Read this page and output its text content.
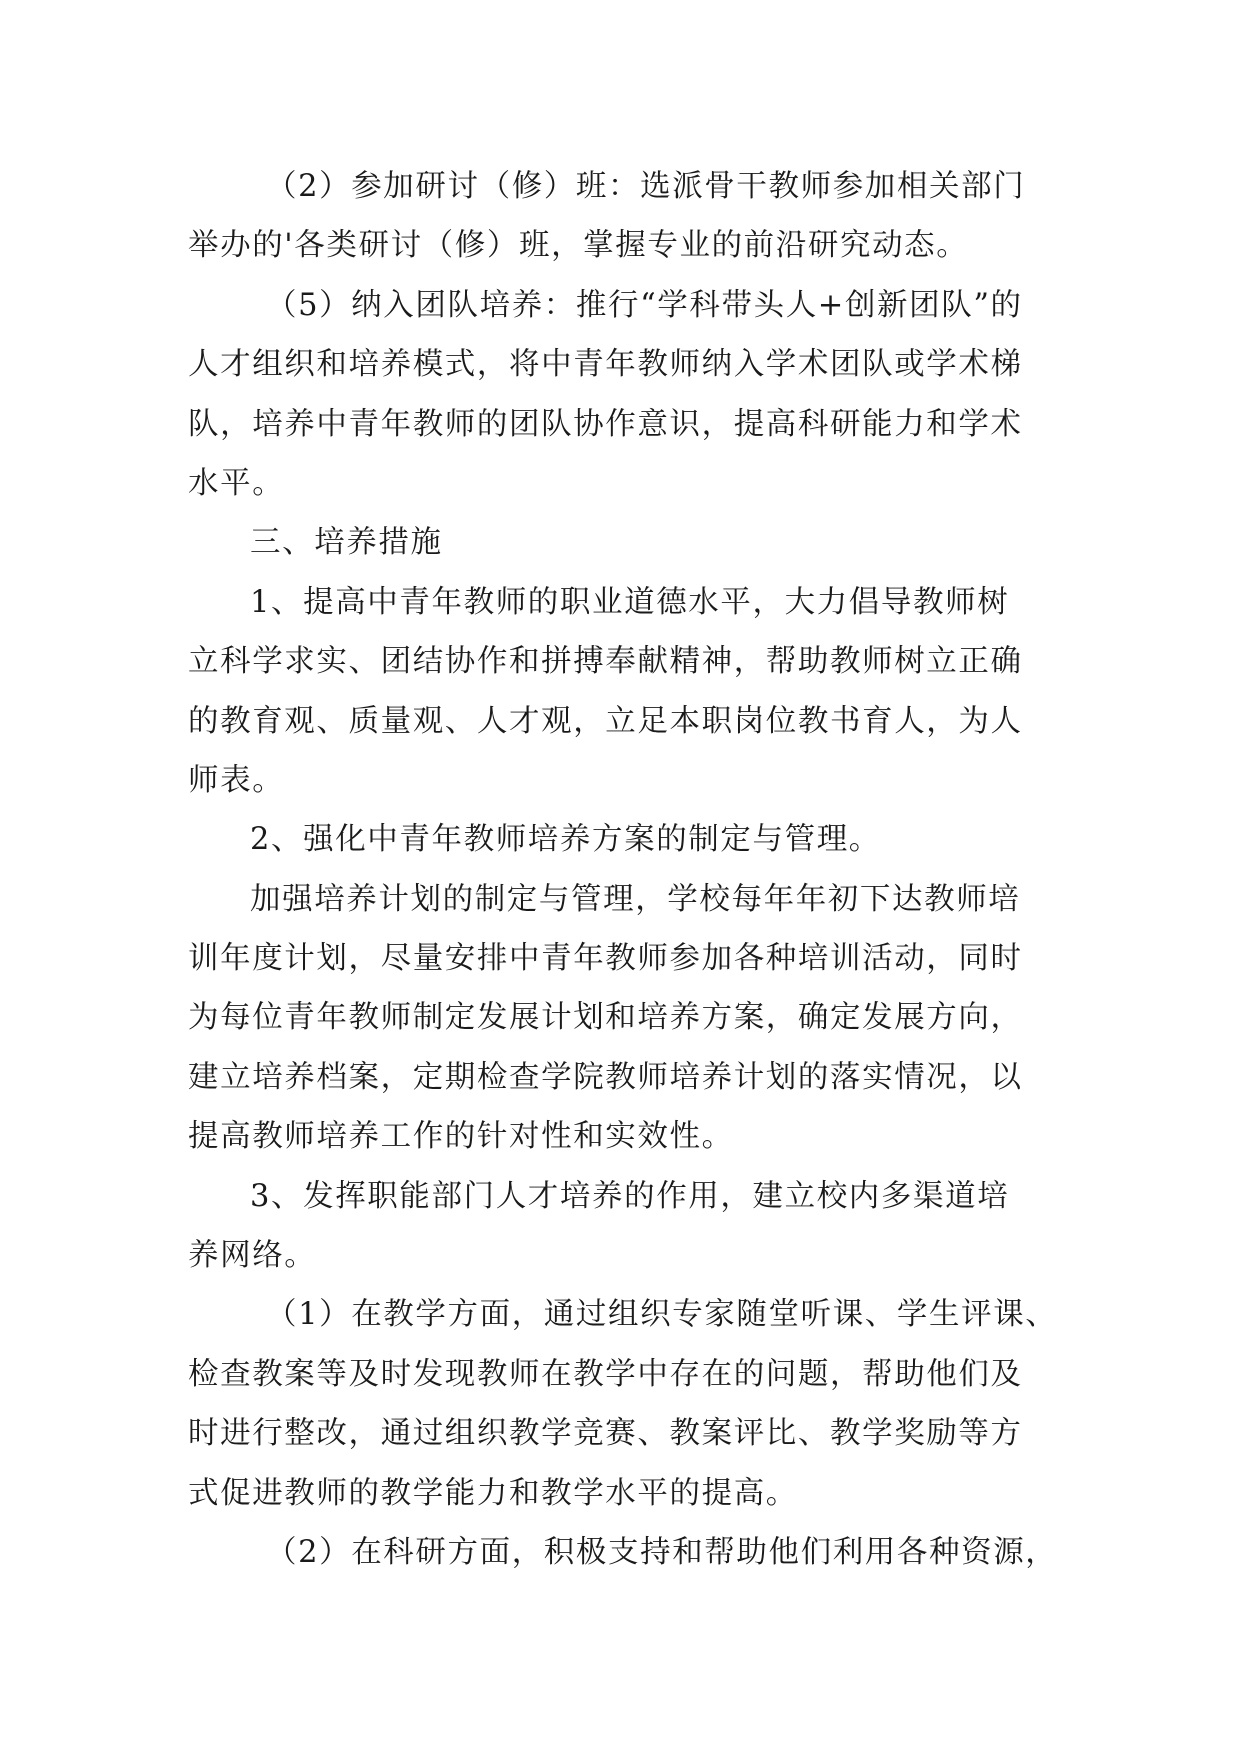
（2）参加研讨（修）班：选派骨干教师参加相关部门
举办的'各类研讨（修）班，掌握专业的前沿研究动态。
（5）纳入团队培养：推行“学科带头人+创新团队”的
人才组织和培养模式，将中青年教师纳入学术团队或学术梯
队，培养中青年教师的团队协作意识，提高科研能力和学术
水平。
三、培养措施
1、提高中青年教师的职业道德水平，大力倡导教师树
立科学求实、团结协作和拼搏奉献精神，帮助教师树立正确
的教育观、质量观、人才观，立足本职岗位教书育人，为人
师表。
2、强化中青年教师培养方案的制定与管理。
加强培养计划的制定与管理，学校每年年初下达教师培
训年度计划，尽量安排中青年教师参加各种培训活动，同时
为每位青年教师制定发展计划和培养方案，确定发展方向，
建立培养档案，定期检查学院教师培养计划的落实情况，以
提高教师培养工作的针对性和实效性。
3、发挥职能部门人才培养的作用，建立校内多渠道培
养网络。
（1）在教学方面，通过组织专家随堂听课、学生评课、
检查教案等及时发现教师在教学中存在的问题，帮助他们及
时进行整改，通过组织教学竞赛、教案评比、教学奖励等方
式促进教师的教学能力和教学水平的提高。
（2）在科研方面，积极支持和帮助他们利用各种资源，
